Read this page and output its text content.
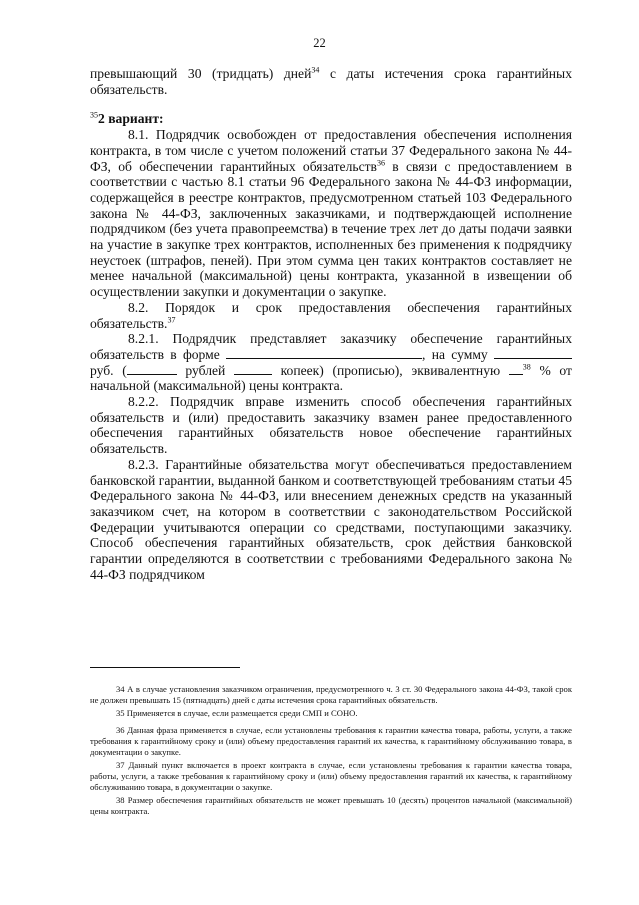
22

превышающий 30 (тридцать) дней$^{34}$ с даты истечения срока гарантийных обязательств.

$^{35}$2 вариант:

8.1. Подрядчик освобожден от предоставления обеспечения исполнения контракта, в том числе с учетом положений статьи 37 Федерального закона № 44-ФЗ, об обеспечении гарантийных обязательств$^{36}$ в связи с предоставлением в соответствии с частью 8.1 статьи 96 Федерального закона № 44-ФЗ информации, содержащейся в реестре контрактов, предусмотренном статьей 103 Федерального закона № 44-ФЗ, заключенных заказчиками, и подтверждающей исполнение подрядчиком (без учета правопреемства) в течение трех лет до даты подачи заявки на участие в закупке трех контрактов, исполненных без применения к подрядчику неустоек (штрафов, пеней). При этом сумма цен таких контрактов составляет не менее начальной (максимальной) цены контракта, указанной в извещении об осуществлении закупки и документации о закупке.

8.2. Порядок и срок предоставления обеспечения гарантийных обязательств.$^{37}$

8.2.1. Подрядчик представляет заказчику обеспечение гарантийных обязательств в форме	, на сумму  руб. (	рублей	копеек) (прописью), эквивалентную $^{38}$ % от начальной (максимальной) цены контракта.

8.2.2. Подрядчик вправе изменить способ обеспечения гарантийных обязательств и (или) предоставить заказчику взамен ранее предоставленного обеспечения гарантийных обязательств новое обеспечение гарантийных обязательств.

8.2.3. Гарантийные обязательства могут обеспечиваться предоставлением банковской гарантии, выданной банком и соответствующей требованиям статьи 45 Федерального закона № 44-ФЗ, или внесением денежных средств на указанный заказчиком счет, на котором в соответствии с законодательством Российской Федерации учитываются операции со средствами, поступающими заказчику. Способ обеспечения гарантийных обязательств, срок действия банковской гарантии определяются в соответствии с требованиями Федерального закона № 44-ФЗ подрядчиком

34 А в случае установления заказчиком ограничения, предусмотренного ч. 3 ст. 30 Федерального закона 44-ФЗ, такой срок не должен превышать 15 (пятнадцать) дней с даты истечения срока гарантийных обязательств.

35 Применяется в случае, если размещается среди СМП и СОНО.

36 Данная фраза применяется в случае, если установлены требования к гарантии качества товара, работы, услуги, а также требования к гарантийному сроку и (или) объему предоставления гарантий их качества, к гарантийному обслуживанию товара, в документации о закупке.

37 Данный пункт включается в проект контракта в случае, если установлены требования к гарантии качества товара, работы, услуги, а также требования к гарантийному сроку и (или) объему предоставления гарантий их качества, к гарантийному обслуживанию товара, в документации о закупке.

38 Размер обеспечения гарантийных обязательств не может превышать 10 (десять) процентов начальной (максимальной) цены контракта.
